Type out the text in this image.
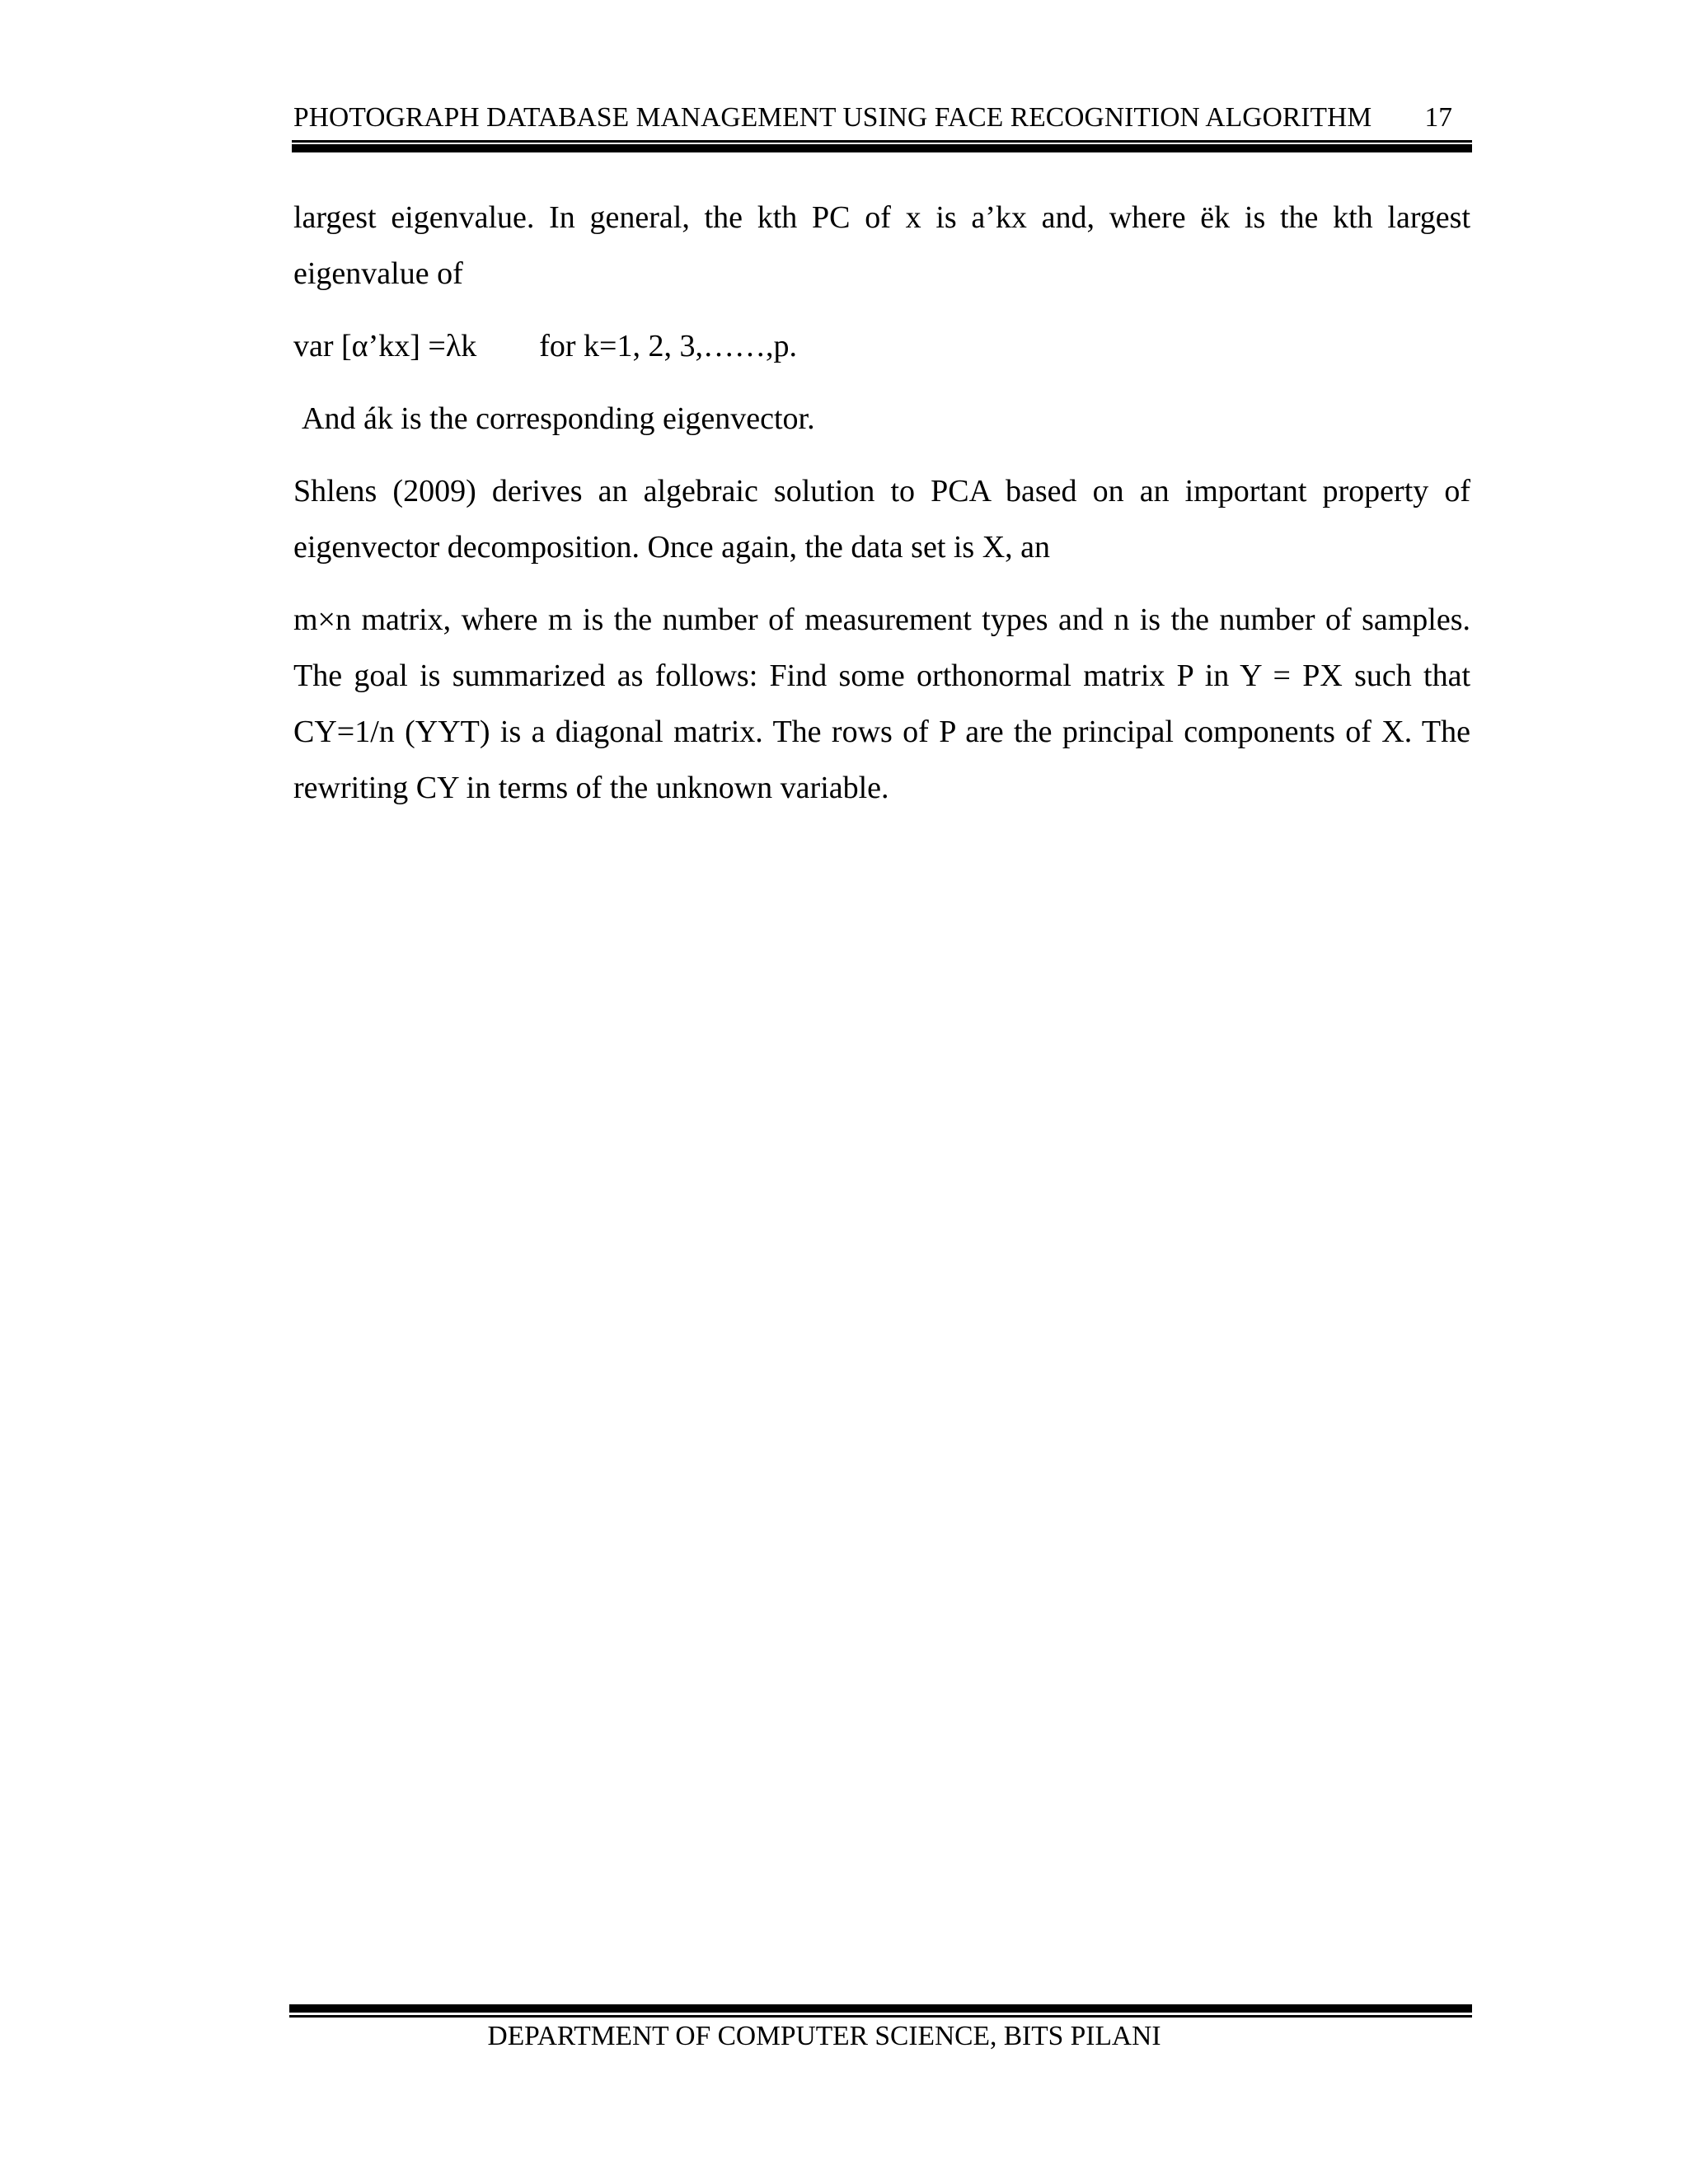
PHOTOGRAPH DATABASE MANAGEMENT USING FACE RECOGNITION ALGORITHM 17

largest eigenvalue. In general, the kth PC of x is a’kx and, where ëk is the kth largest eigenvalue of

var [α’kx] =λk for k=1, 2, 3,……,p.

And ák is the corresponding eigenvector.

Shlens (2009) derives an algebraic solution to PCA based on an important property of eigenvector decomposition. Once again, the data set is X, an

m×n matrix, where m is the number of measurement types and n is the number of samples. The goal is summarized as follows: Find some orthonormal matrix P in Y = PX such that CY=1/n (YYT) is a diagonal matrix. The rows of P are the principal components of X. The rewriting CY in terms of the unknown variable.

DEPARTMENT OF COMPUTER SCIENCE, BITS PILANI
